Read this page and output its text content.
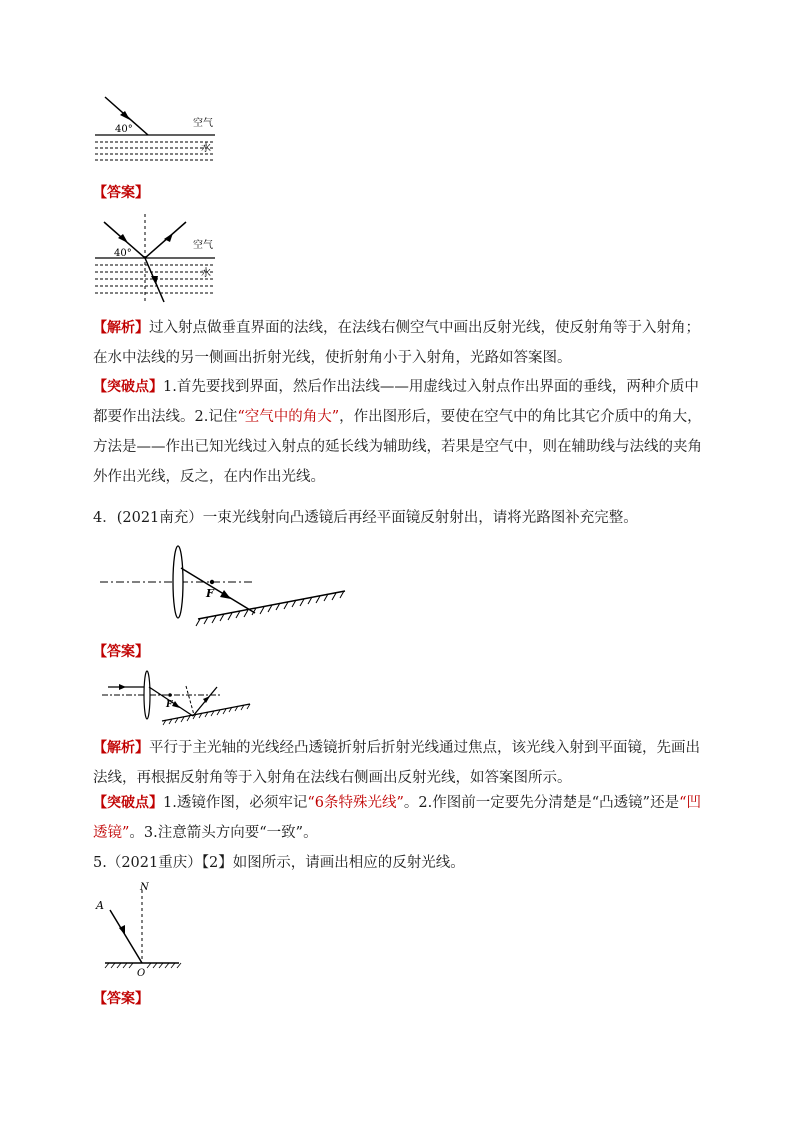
40°
空气
水
【答案】
40°
空气
水

【解析】过入射点做垂直界面的法线，在法线右侧空气中画出反射光线，使反射角等于入射角；在水中法线的另一侧画出折射光线，使折射角小于入射角，光路如答案图。

【突破点】1.首先要找到界面，然后作出法线——用虚线过入射点作出界面的垂线，两种介质中都要作出法线。2.记住“空气中的角大”，作出图形后，要使在空气中的角比其它介质中的角大，方法是——作出已知光线过入射点的延长线为辅助线，若果是空气中，则在辅助线与法线的夹角外作出光线，反之，在内作出光线。

4．(2021南充）一束光线射向凸透镜后再经平面镜反射射出，请将光路图补充完整。

F
【答案】
F

【解析】平行于主光轴的光线经凸透镜折射后折射光线通过焦点，该光线入射到平面镜，先画出法线，再根据反射角等于入射角在法线右侧画出反射光线，如答案图所示。

【突破点】1.透镜作图，必须牢记“6条特殊光线”。2.作图前一定要先分清楚是“凸透镜”还是“凹透镜”。3.注意箭头方向要“一致”。

5.（2021重庆）【2】如图所示，请画出相应的反射光线。

A
N
O
【答案】
